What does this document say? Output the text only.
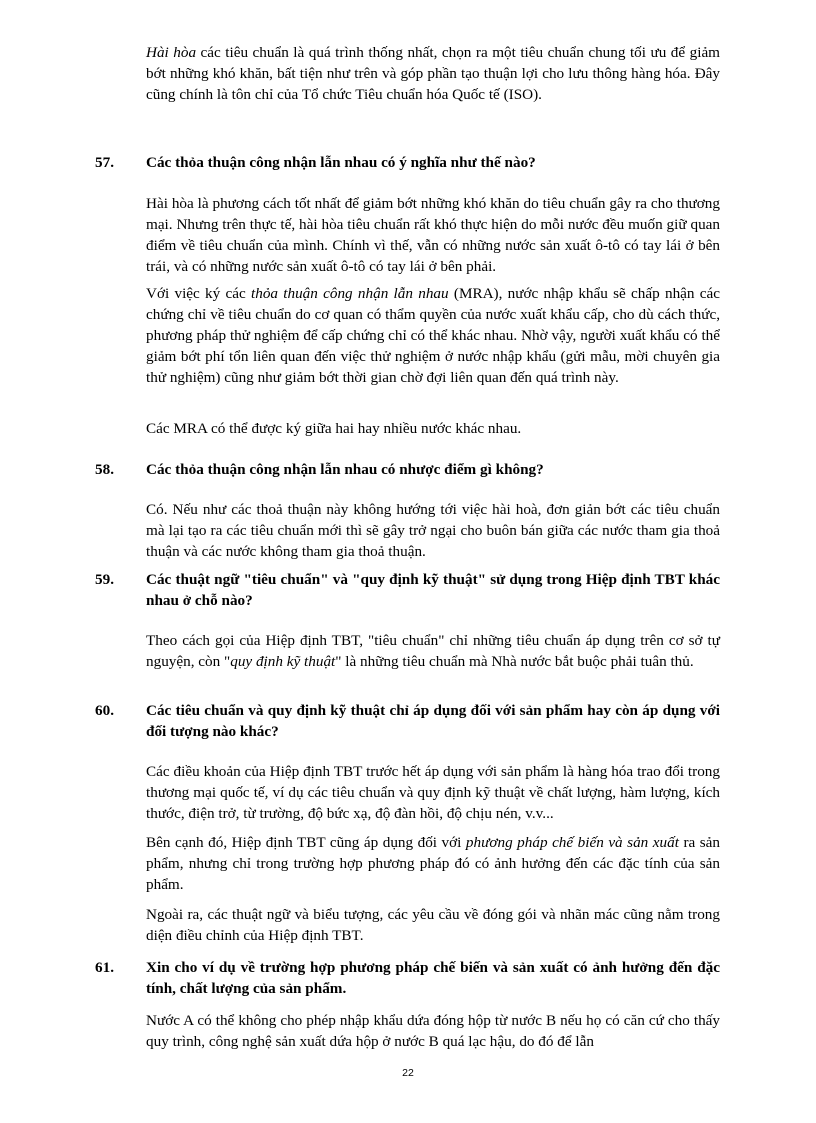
Hài hòa các tiêu chuẩn là quá trình thống nhất, chọn ra một tiêu chuẩn chung tối ưu để giảm bớt những khó khăn, bất tiện như trên và góp phần tạo thuận lợi cho lưu thông hàng hóa. Đây cũng chính là tôn chỉ của Tổ chức Tiêu chuẩn hóa Quốc tế (ISO).

57. Các thỏa thuận công nhận lẫn nhau có ý nghĩa như thế nào?

Hài hòa là phương cách tốt nhất để giảm bớt những khó khăn do tiêu chuẩn gây ra cho thương mại. Nhưng trên thực tế, hài hòa tiêu chuẩn rất khó thực hiện do mỗi nước đều muốn giữ quan điểm về tiêu chuẩn của mình. Chính vì thế, vẫn có những nước sản xuất ô-tô có tay lái ở bên trái, và có những nước sản xuất ô-tô có tay lái ở bên phải.

Với việc ký các thỏa thuận công nhận lẫn nhau (MRA), nước nhập khẩu sẽ chấp nhận các chứng chỉ về tiêu chuẩn do cơ quan có thẩm quyền của nước xuất khẩu cấp, cho dù cách thức, phương pháp thử nghiệm để cấp chứng chỉ có thể khác nhau. Nhờ vậy, người xuất khẩu có thể giảm bớt phí tổn liên quan đến việc thử nghiệm ở nước nhập khẩu (gửi mẫu, mời chuyên gia thử nghiệm) cũng như giảm bớt thời gian chờ đợi liên quan đến quá trình này.

Các MRA có thể được ký giữa hai hay nhiều nước khác nhau.

58. Các thỏa thuận công nhận lẫn nhau có nhược điểm gì không?

Có. Nếu như các thoả thuận này không hướng tới việc hài hoà, đơn giản bớt các tiêu chuẩn mà lại tạo ra các tiêu chuẩn mới thì sẽ gây trở ngại cho buôn bán giữa các nước tham gia thoả thuận và các nước không tham gia thoả thuận.

59. Các thuật ngữ "tiêu chuẩn" và "quy định kỹ thuật" sử dụng trong Hiệp định TBT khác nhau ở chỗ nào?

Theo cách gọi của Hiệp định TBT, "tiêu chuẩn" chỉ những tiêu chuẩn áp dụng trên cơ sở tự nguyện, còn "quy định kỹ thuật" là những tiêu chuẩn mà Nhà nước bắt buộc phải tuân thủ.

60. Các tiêu chuẩn và quy định kỹ thuật chỉ áp dụng đối với sản phẩm hay còn áp dụng với đối tượng nào khác?

Các điều khoản của Hiệp định TBT trước hết áp dụng với sản phẩm là hàng hóa trao đổi trong thương mại quốc tế, ví dụ các tiêu chuẩn và quy định kỹ thuật về chất lượng, hàm lượng, kích thước, điện trở, từ trường, độ bức xạ, độ đàn hồi, độ chịu nén, v.v...

Bên cạnh đó, Hiệp định TBT cũng áp dụng đối với phương pháp chế biến và sản xuất ra sản phẩm, nhưng chỉ trong trường hợp phương pháp đó có ảnh hưởng đến các đặc tính của sản phẩm.

Ngoài ra, các thuật ngữ và biểu tượng, các yêu cầu về đóng gói và nhãn mác cũng nằm trong diện điều chỉnh của Hiệp định TBT.

61. Xin cho ví dụ về trường hợp phương pháp chế biến và sản xuất có ảnh hưởng đến đặc tính, chất lượng của sản phẩm.

Nước A có thể không cho phép nhập khẩu dứa đóng hộp từ nước B nếu họ có căn cứ cho thấy quy trình, công nghệ sản xuất dứa hộp ở nước B quá lạc hậu, do đó để lẫn

22
